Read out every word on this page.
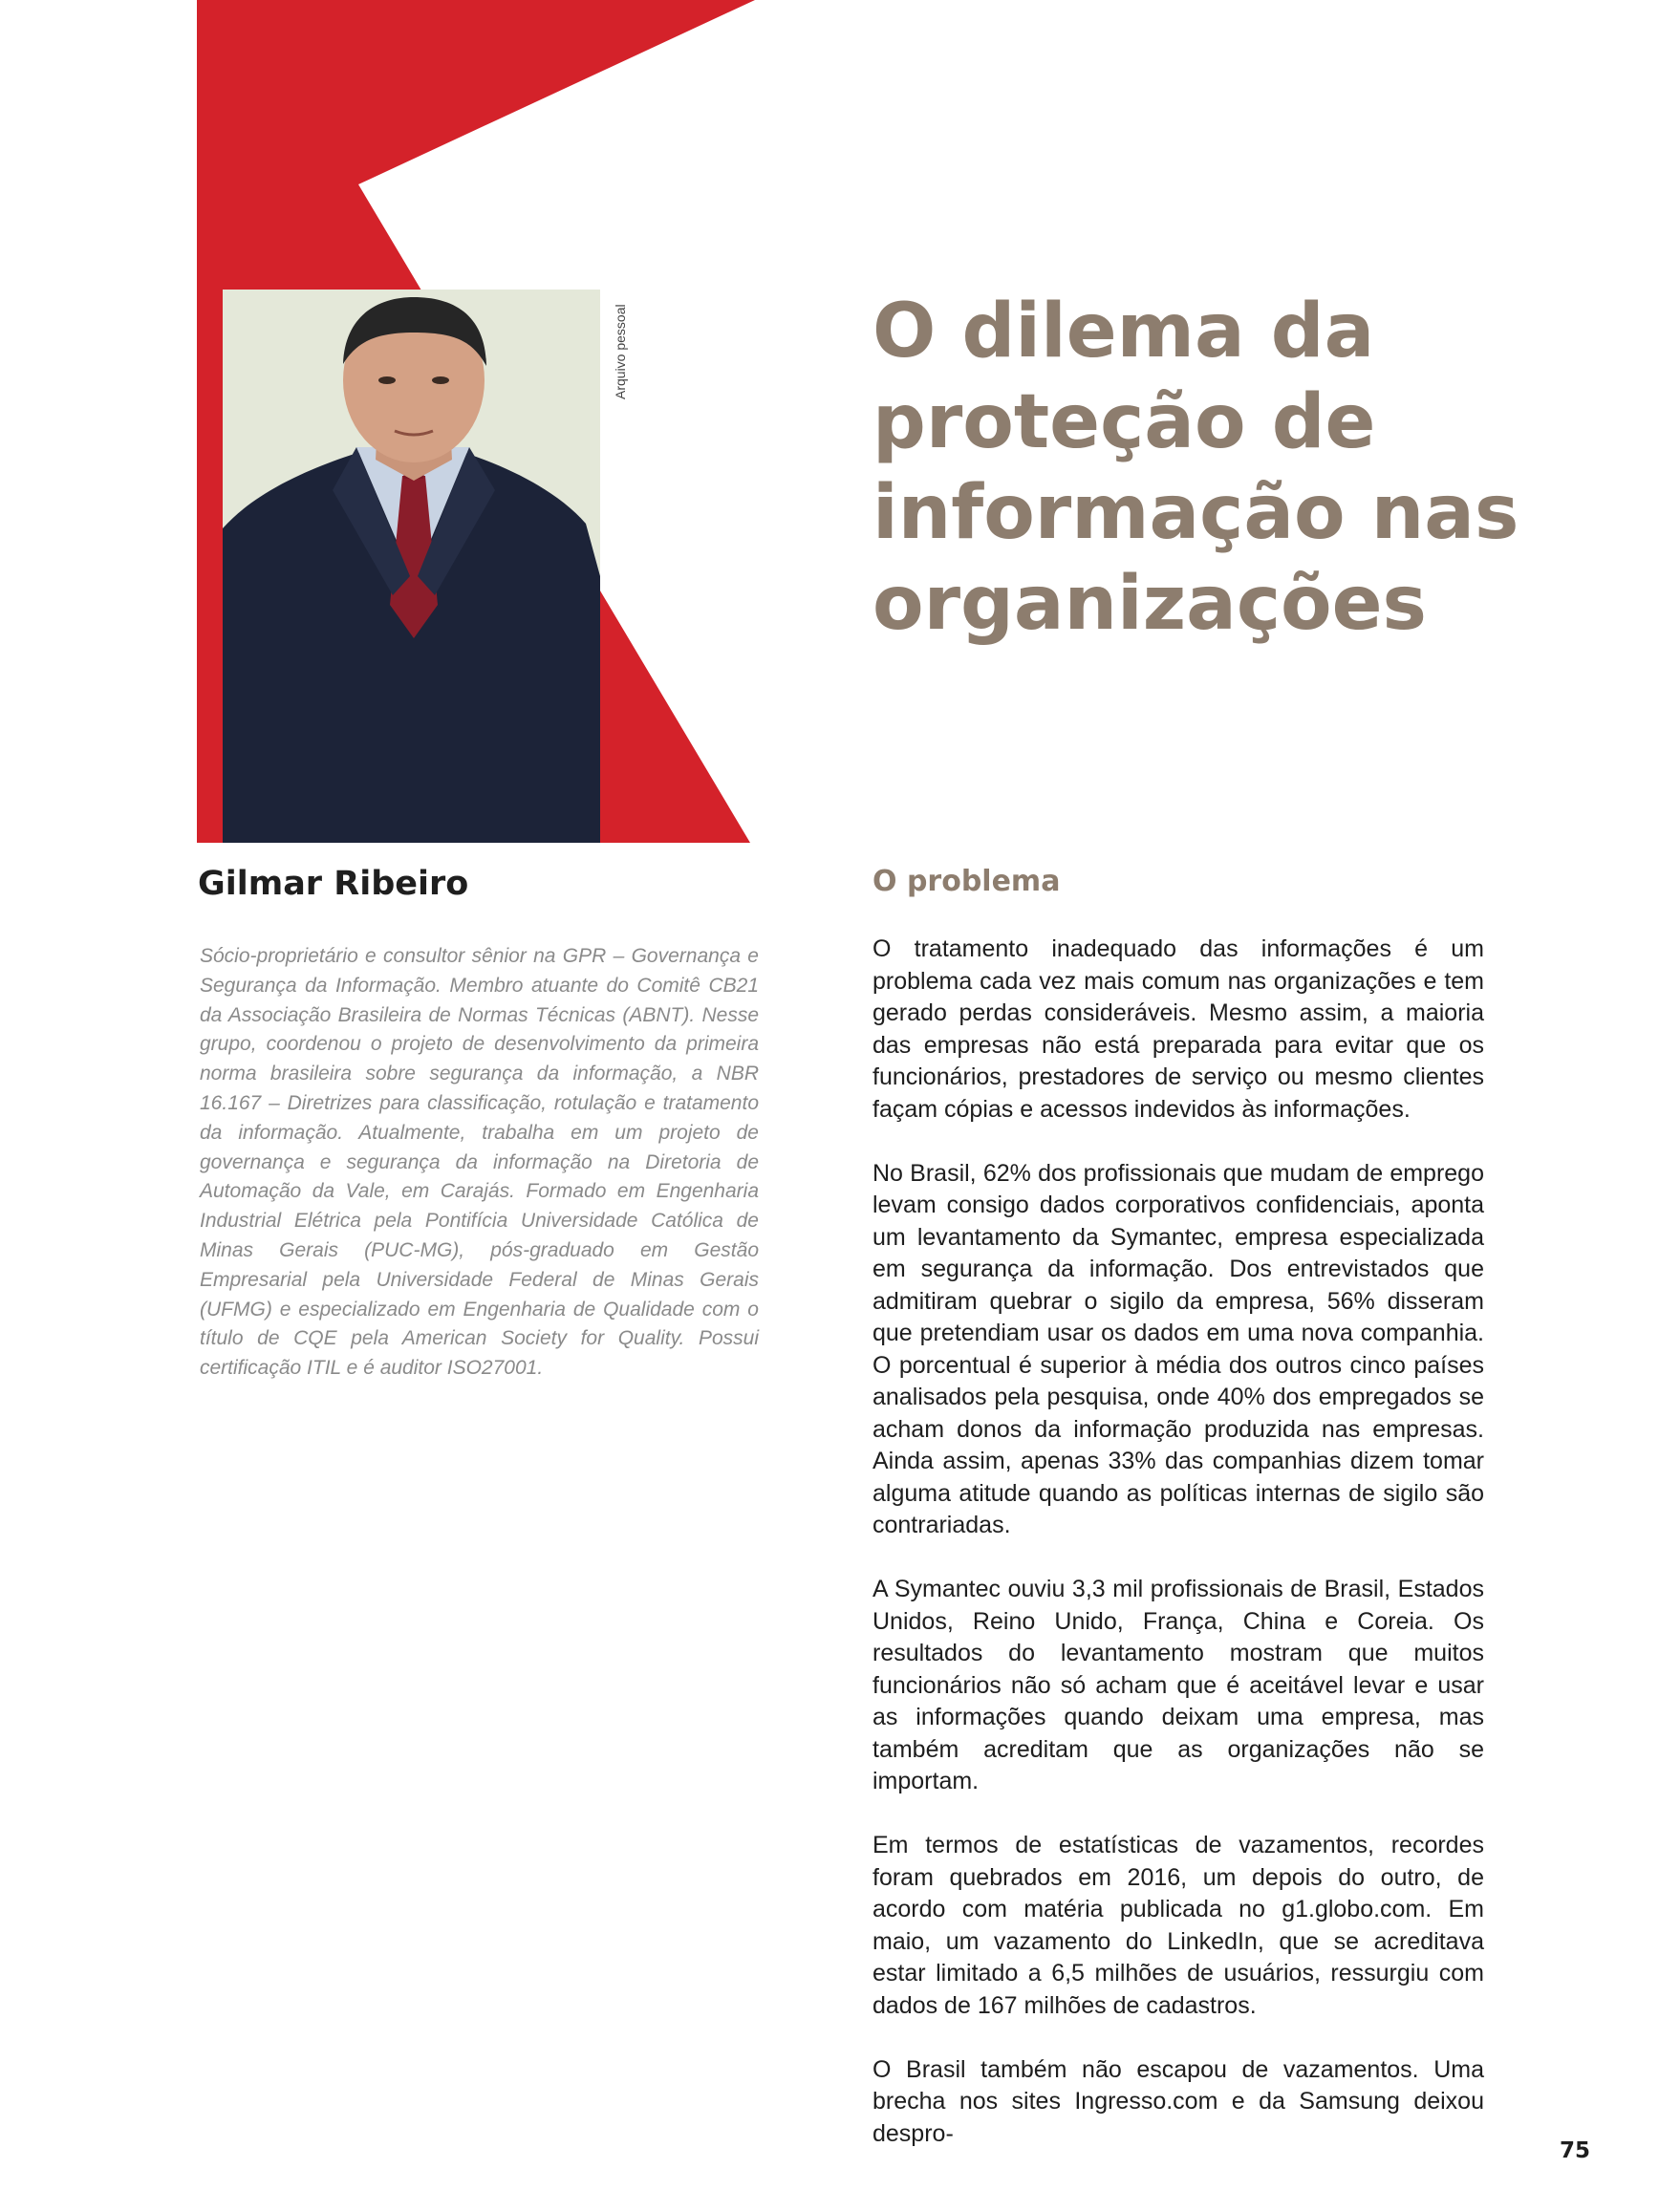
Arquivo pessoal	O dilema da
proteção de
informação nas
organizações
Gilmar Ribeiro

Sócio-proprietário e consultor sênior na GPR – Governança e Segurança da Informação. Membro atuante do Comitê CB21 da Associação Brasileira de Normas Técnicas (ABNT). Nesse grupo, coordenou o projeto de desenvolvimento da primeira norma brasileira sobre segurança da informação, a NBR 16.167 – Diretrizes para classificação, rotulação e tratamento da informação. Atualmente, trabalha em um projeto de governança e segurança da informação na Diretoria de Automação da Vale, em Carajás. Formado em Engenharia Industrial Elétrica pela Pontifícia Universidade Católica de Minas Gerais (PUC-MG), pós-graduado em Gestão Empresarial pela Universidade Federal de Minas Gerais (UFMG) e especializado em Engenharia de Qualidade com o título de CQE pela American Society for Quality. Possui certificação ITIL e é auditor ISO27001.

O problema

O tratamento inadequado das informações é um problema cada vez mais comum nas organizações e tem gerado perdas consideráveis. Mesmo assim, a maioria das empresas não está preparada para evitar que os funcionários, prestadores de serviço ou mesmo clientes façam cópias e acessos indevidos às informações.

No Brasil, 62% dos profissionais que mudam de emprego levam consigo dados corporativos confidenciais, aponta um levantamento da Symantec, empresa especializada em segurança da informação. Dos entrevistados que admitiram quebrar o sigilo da empresa, 56% disseram que pretendiam usar os dados em uma nova companhia. O porcentual é superior à média dos outros cinco países analisados pela pesquisa, onde 40% dos empregados se acham donos da informação produzida nas empresas. Ainda assim, apenas 33% das companhias dizem tomar alguma atitude quando as políticas internas de sigilo são contrariadas.

A Symantec ouviu 3,3 mil profissionais de Brasil, Estados Unidos, Reino Unido, França, China e Coreia. Os resultados do levantamento mostram que muitos funcionários não só acham que é aceitável levar e usar as informações quando deixam uma empresa, mas também acreditam que as organizações não se importam.

Em termos de estatísticas de vazamentos, recordes foram quebrados em 2016, um depois do outro, de acordo com matéria publicada no g1.globo.com. Em maio, um vazamento do LinkedIn, que se acreditava estar limitado a 6,5 milhões de usuários, ressurgiu com dados de 167 milhões de cadastros.

O Brasil também não escapou de vazamentos. Uma brecha nos sites Ingresso.com e da Samsung deixou despro-

75
